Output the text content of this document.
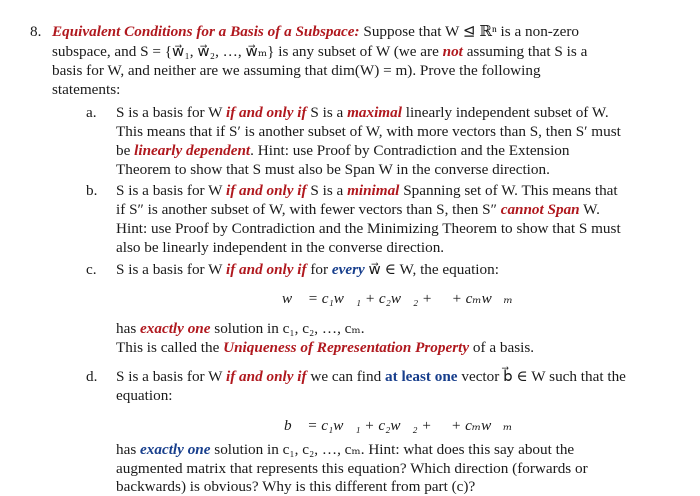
8. Equivalent Conditions for a Basis of a Subspace: Suppose that W ⊴ ℝⁿ is a non-zero
subspace, and S = {w⃗₁, w⃗₂, …, w⃗ₘ} is any subset of W (we are not assuming that S is a
basis for W, and neither are we assuming that dim(W) = m). Prove the following
statements:
a. S is a basis for W if and only if S is a maximal linearly independent subset of W.
This means that if S′ is another subset of W, with more vectors than S, then S′ must
be linearly dependent. Hint: use Proof by Contradiction and the Extension
Theorem to show that S must also be Span W in the converse direction.
b. S is a basis for W if and only if S is a minimal Spanning set of W. This means that
if S″ is another subset of W, with fewer vectors than S, then S″ cannot Span W.
Hint: use Proof by Contradiction and the Minimizing Theorem to show that S must
also be linearly independent in the converse direction.
c. S is a basis for W if and only if for every w⃗ ∈ W, the equation:
w⃗ = c₁w⃗₁ + c₂w⃗₂ + ⋯ + cₘw⃗ₘ
has exactly one solution in c₁, c₂, …, cₘ.
This is called the Uniqueness of Representation Property of a basis.
d. S is a basis for W if and only if we can find at least one vector b⃗ ∈ W such that the
equation:
b⃗ = c₁w⃗₁ + c₂w⃗₂ + ⋯ + cₘw⃗ₘ
has exactly one solution in c₁, c₂, …, cₘ. Hint: what does this say about the
augmented matrix that represents this equation? Which direction (forwards or
backwards) is obvious? Why is this different from part (c)?
